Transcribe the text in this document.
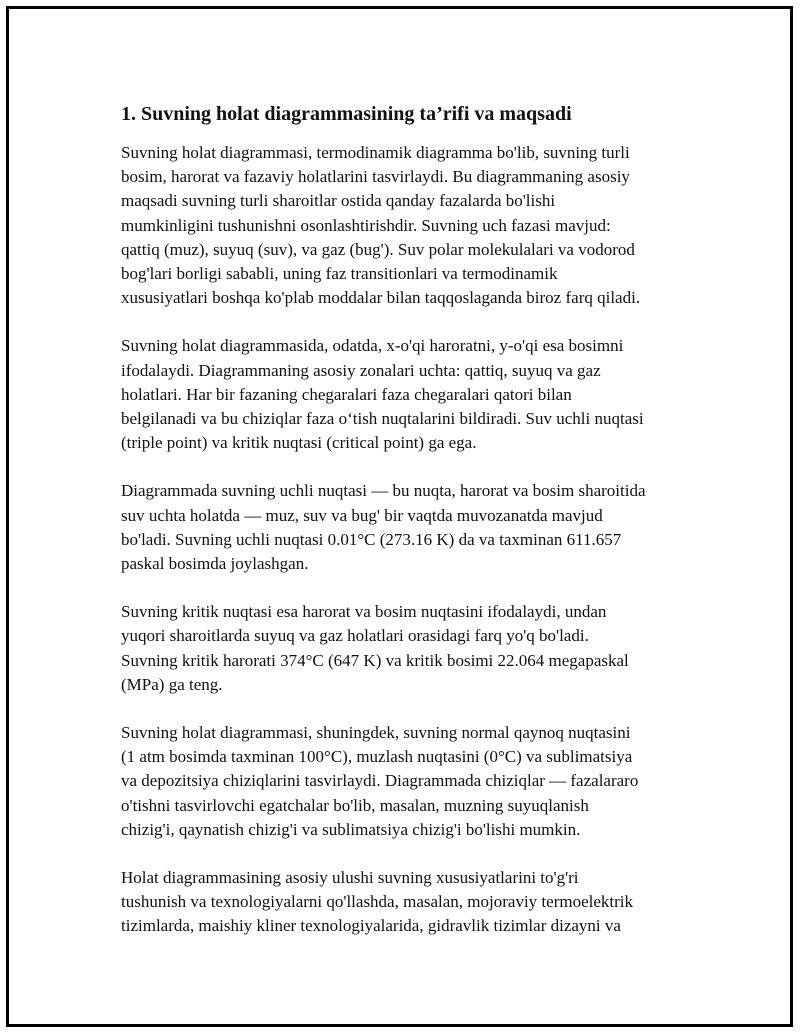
1. Suvning holat diagrammasining ta’rifi va maqsadi

Suvning holat diagrammasi, termodinamik diagramma bo'lib, suvning turli
bosim, harorat va fazaviy holatlarini tasvirlaydi. Bu diagrammaning asosiy
maqsadi suvning turli sharoitlar ostida qanday fazalarda bo'lishi
mumkinligini tushunishni osonlashtirishdir. Suvning uch fazasi mavjud:
qattiq (muz), suyuq (suv), va gaz (bug'). Suv polar molekulalari va vodorod
bog'lari borligi sababli, uning faz transitionlari va termodinamik
xususiyatlari boshqa ko'plab moddalar bilan taqqoslaganda biroz farq qiladi.

Suvning holat diagrammasida, odatda, x-o'qi haroratni, y-o'qi esa bosimni
ifodalaydi. Diagrammaning asosiy zonalari uchta: qattiq, suyuq va gaz
holatlari. Har bir fazaning chegaralari faza chegaralari qatori bilan
belgilanadi va bu chiziqlar faza o‘tish nuqtalarini bildiradi. Suv uchli nuqtasi
(triple point) va kritik nuqtasi (critical point) ga ega.

Diagrammada suvning uchli nuqtasi — bu nuqta, harorat va bosim sharoitida
suv uchta holatda — muz, suv va bug' bir vaqtda muvozanatda mavjud
bo'ladi. Suvning uchli nuqtasi 0.01°C (273.16 K) da va taxminan 611.657
paskal bosimda joylashgan.

Suvning kritik nuqtasi esa harorat va bosim nuqtasini ifodalaydi, undan
yuqori sharoitlarda suyuq va gaz holatlari orasidagi farq yo'q bo'ladi.
Suvning kritik harorati 374°C (647 K) va kritik bosimi 22.064 megapaskal
(MPa) ga teng.

Suvning holat diagrammasi, shuningdek, suvning normal qaynoq nuqtasini
(1 atm bosimda taxminan 100°C), muzlash nuqtasini (0°C) va sublimatsiya
va depozitsiya chiziqlarini tasvirlaydi. Diagrammada chiziqlar — fazalararo
o'tishni tasvirlovchi egatchalar bo'lib, masalan, muzning suyuqlanish
chizig'i, qaynatish chizig'i va sublimatsiya chizig'i bo'lishi mumkin.

Holat diagrammasining asosiy ulushi suvning xususiyatlarini to'g'ri
tushunish va texnologiyalarni qo'llashda, masalan, mojoraviy termoelektrik
tizimlarda, maishiy kliner texnologiyalarida, gidravlik tizimlar dizayni va
